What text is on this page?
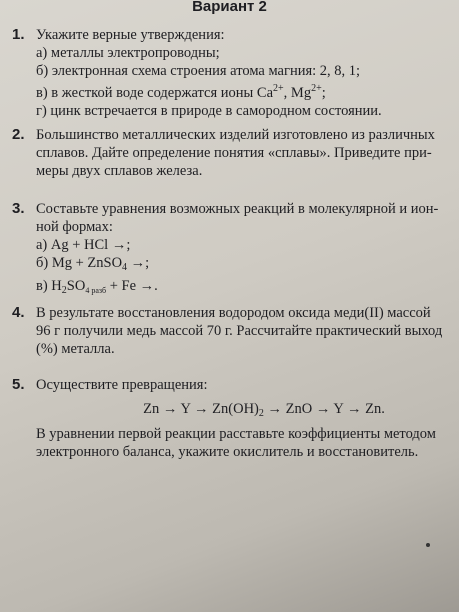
Вариант 2
1. Укажите верные утверждения:
а) металлы электропроводны;
б) электронная схема строения атома магния: 2, 8, 1;
в) в жесткой воде содержатся ионы $Ca^{2+}$, $Mg^{2+}$;
г) цинк встречается в природе в самородном состоянии.
2. Большинство металлических изделий изготовлено из различных
сплавов. Дайте определение понятия «сплавы». Приведите при-
меры двух сплавов железа.
3. Составьте уравнения возможных реакций в молекулярной и ион-
ной формах:
а) Ag + HCl →;
б) Mg + ZnSO$_4$ →;
в) $H_2SO_{4 разб} + Fe$ →.
4. В результате восстановления водородом оксида меди(II) массой
96 г получили медь массой 70 г. Рассчитайте практический выход
(%) металла.
5. Осуществите превращения:
$Zn \to Y \to Zn(OH)_2$ → ZnO → Y → Zn.
В уравнении первой реакции расставьте коэффициенты методом
электронного баланса, укажите окислитель и восстановитель.
